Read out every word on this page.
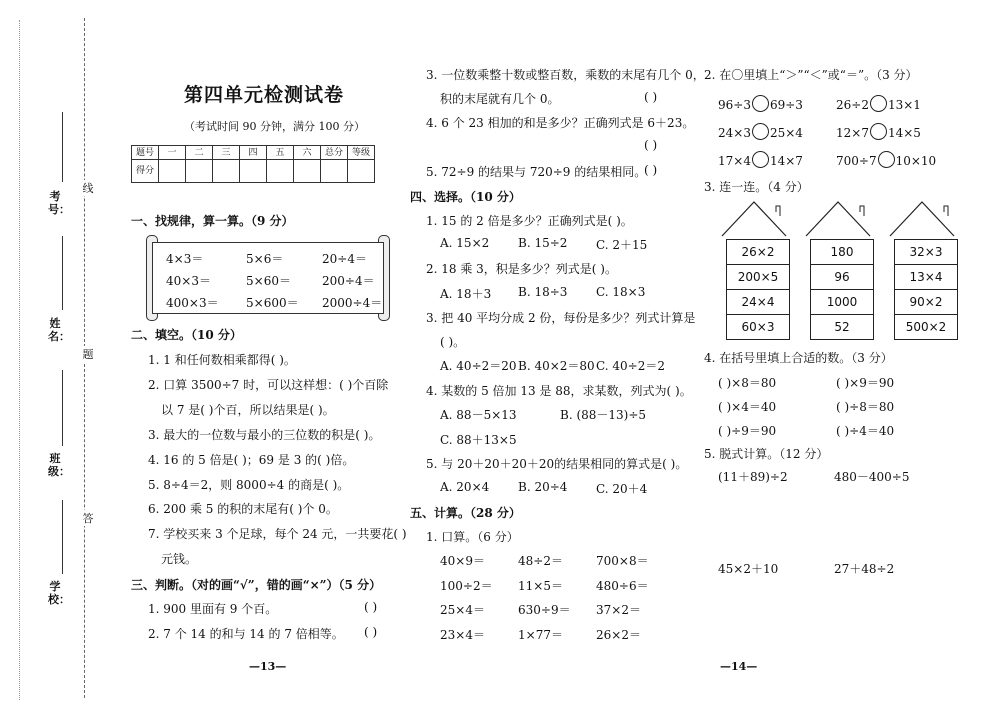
考号：
姓名：
班级：
学校：
线
题
答
第四单元检测试卷
（考试时间 90 分钟，满分 100 分）
题号	一	二	三	四	五	六	总分	等级
得分								
一、找规律，算一算。（9 分）
4×3＝	5×6＝	20÷4＝
40×3＝	5×60＝	200÷4＝
400×3＝ 5×600＝ 2000÷4＝
二、填空。（10 分）
1. 1 和任何数相乘都得( )。
2. 口算 3500÷7 时，可以这样想：( )个百除
以 7 是( )个百，所以结果是( )。
3. 最大的一位数与最小的三位数的积是( )。
4. 16 的 5 倍是( )；69 是 3 的( )倍。
5. 8÷4＝2，则 8000÷4 的商是( )。
6. 200 乘 5 的积的末尾有( )个 0。
7. 学校买来 3 个足球，每个 24 元，一共要花( )
元钱。
三、判断。（对的画“√”，错的画“×”）（5 分）
1. 900 里面有 9 个百。	( )
2. 7 个 14 的和与 14 的 7 倍相等。 ( )
—13—
3. 一位数乘整十数或整百数，乘数的末尾有几个 0，
积的末尾就有几个 0。	( )
4. 6 个 23 相加的和是多少？正确列式是 6＋23。
( )
5. 72÷9 的结果与 720÷9 的结果相同。
( )
四、选择。（10 分）
1. 15 的 2 倍是多少？正确列式是( )。
A. 15×2 B. 15÷2 C. 2＋15
2. 18 乘 3，积是多少？列式是( )。
A. 18＋3 B. 18÷3 C. 18×3
3. 把 40 平均分成 2 份，每份是多少？列式计算是
( )。
A. 40÷2＝20 B. 40×2＝80 C. 40÷2＝2
4. 某数的 5 倍加 13 是 88，求某数，列式为( )。
A. 88－5×13	B. (88－13)÷5
C. 88＋13×5
5. 与 20＋20＋20＋20的结果相同的算式是( )。
A. 20×4 B. 20÷4 C. 20＋4
五、计算。（28 分）
1. 口算。（6 分）
40×9＝	48÷2＝	700×8＝
100÷2＝ 11×5＝	480÷6＝
25×4＝	630÷9＝ 37×2＝
23×4＝	1×77＝	26×2＝
2. 在〇里填上“＞”“＜”或“＝”。（3 分）
96÷3 69÷3	26÷2 13×1
24×3 25×4	12×7 14×5
17×4 14×7	700÷7 10×10
3. 连一连。（4 分）
26×2
200×5
24×4
60×3
180
96
1000
52
32×3
13×4
90×2
500×2
4. 在括号里填上合适的数。（3 分）
( )×8＝80	( )×9＝90
( )×4＝40	( )÷8＝80
( )÷9＝90	( )÷4＝40
5. 脱式计算。（12 分）
(11＋89)÷2	480－400÷5
45×2＋10	27＋48÷2
—14—
